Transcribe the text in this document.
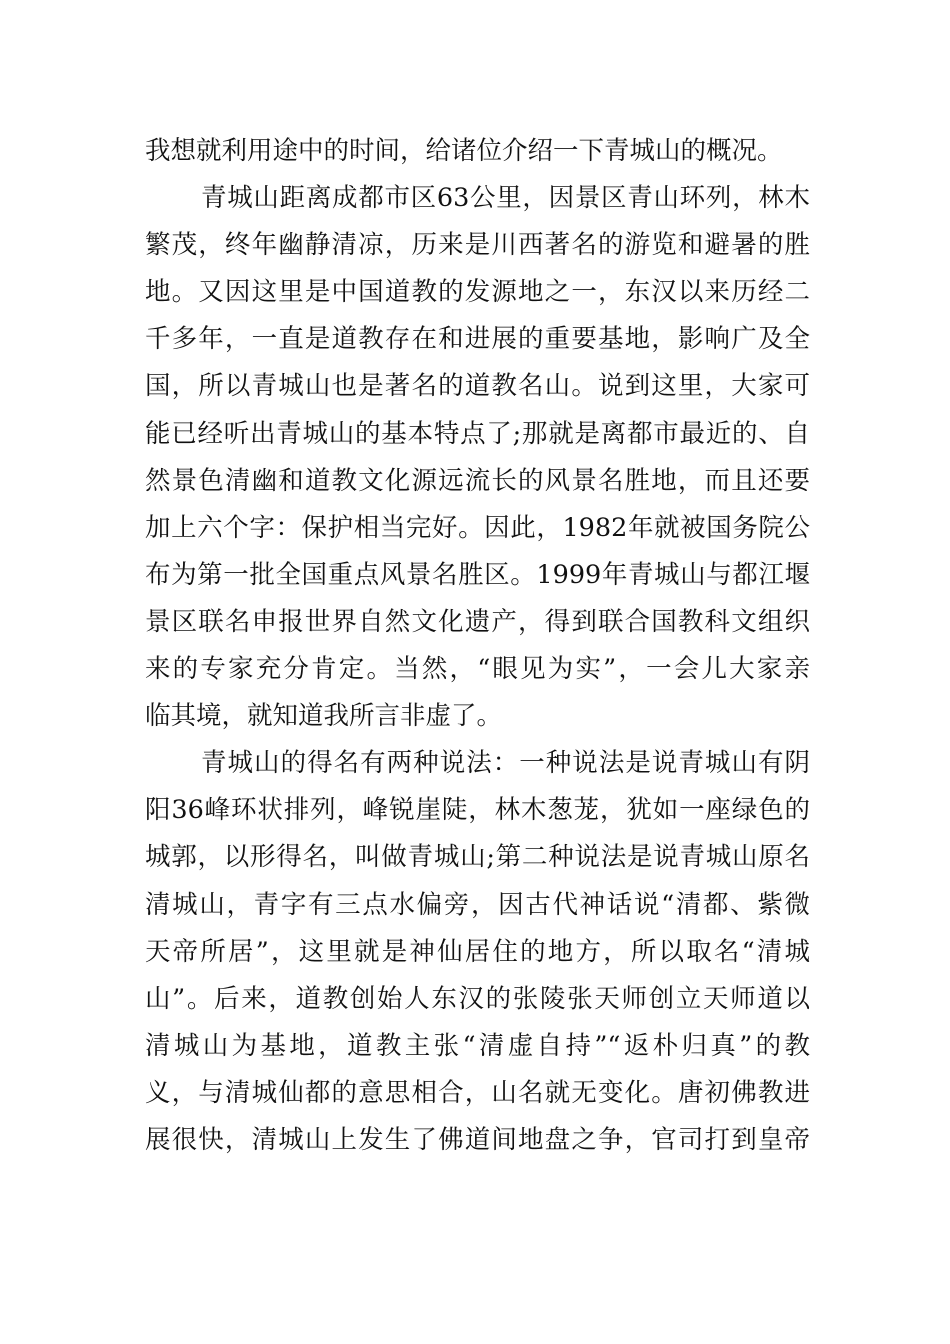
我想就利用途中的时间，给诸位介绍一下青城山的概况。
青城山距离成都市区63公里，因景区青山环列，林木
繁茂，终年幽静清凉，历来是川西著名的游览和避暑的胜
地。又因这里是中国道教的发源地之一，东汉以来历经二
千多年，一直是道教存在和进展的重要基地，影响广及全
国，所以青城山也是著名的道教名山。说到这里，大家可
能已经听出青城山的基本特点了;那就是离都市最近的、自
然景色清幽和道教文化源远流长的风景名胜地，而且还要
加上六个字：保护相当完好。因此，1982年就被国务院公
布为第一批全国重点风景名胜区。1999年青城山与都江堰
景区联名申报世界自然文化遗产，得到联合国教科文组织
来的专家充分肯定。当然，“眼见为实”，一会儿大家亲
临其境，就知道我所言非虚了。
青城山的得名有两种说法：一种说法是说青城山有阴
阳36峰环状排列，峰锐崖陡，林木葱茏，犹如一座绿色的
城郭，以形得名，叫做青城山;第二种说法是说青城山原名
清城山，青字有三点水偏旁，因古代神话说“清都、紫微
天帝所居”，这里就是神仙居住的地方，所以取名“清城
山”。后来，道教创始人东汉的张陵张天师创立天师道以
清城山为基地，道教主张“清虚自持”“返朴归真”的教
义，与清城仙都的意思相合，山名就无变化。唐初佛教进
展很快，清城山上发生了佛道间地盘之争，官司打到皇帝
